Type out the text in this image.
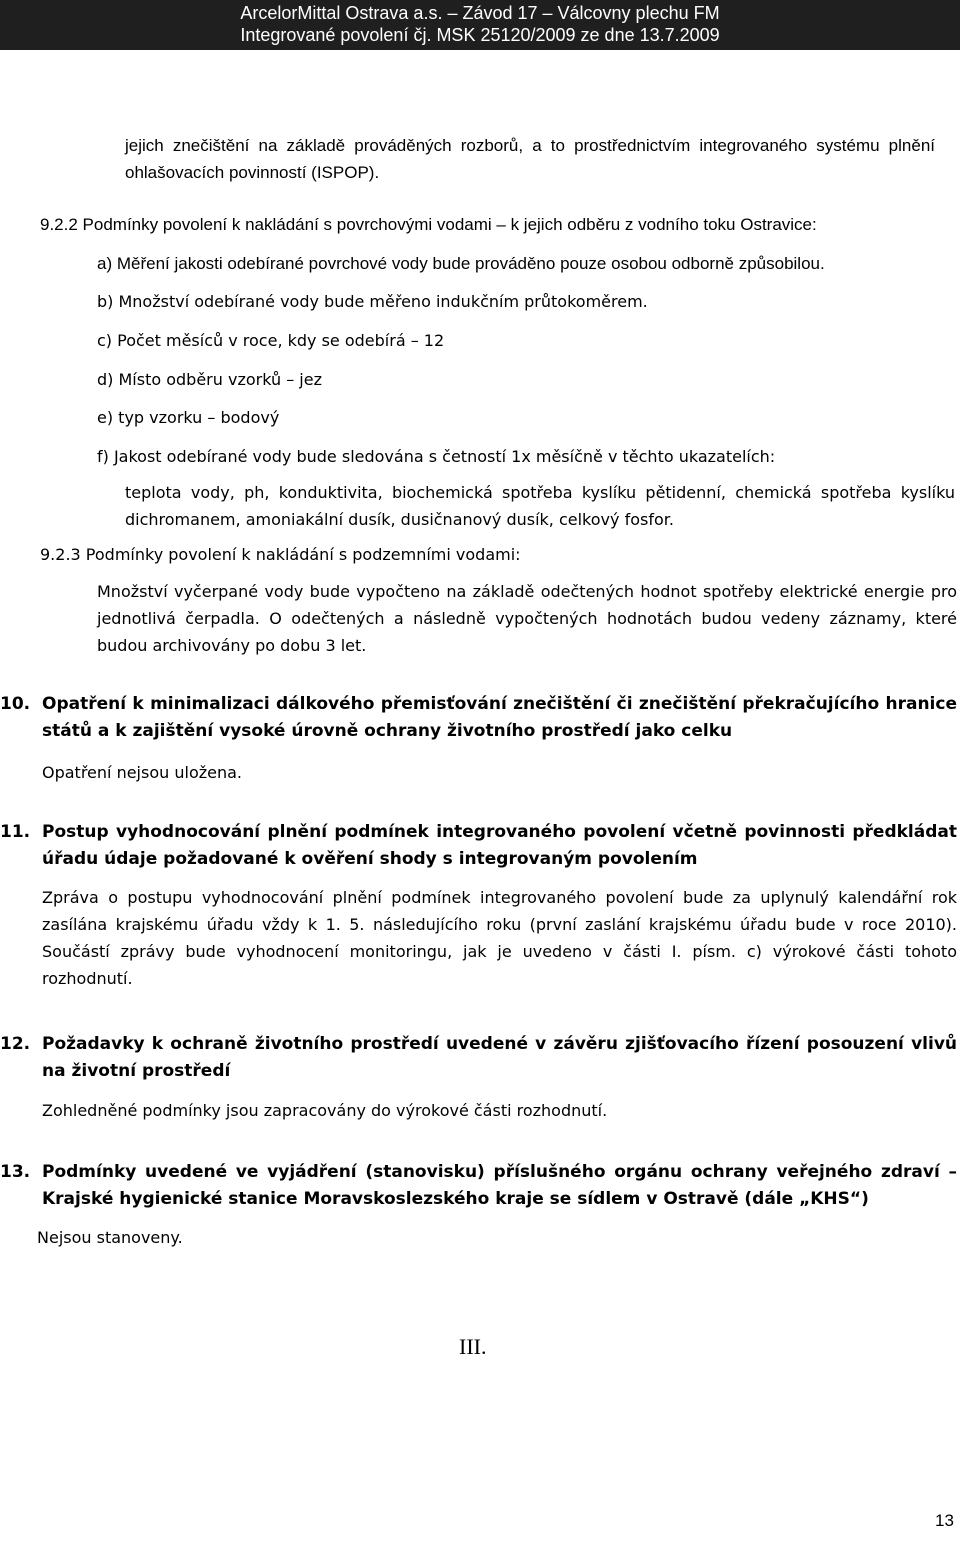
ArcelorMittal Ostrava a.s. – Závod 17 – Válcovny plechu FM
Integrované povolení čj. MSK 25120/2009 ze dne 13.7.2009
jejich znečištění na základě prováděných rozborů, a to prostřednictvím integrovaného systému plnění ohlašovacích povinností (ISPOP).
9.2.2 Podmínky povolení k nakládání s povrchovými vodami – k jejich odběru z vodního toku Ostravice:
a) Měření jakosti odebírané povrchové vody bude prováděno pouze osobou odborně způsobilou.
b) Množství odebírané vody bude měřeno indukčním průtokoměrem.
c) Počet měsíců v roce, kdy se odebírá – 12
d) Místo odběru vzorků – jez
e) typ vzorku – bodový
f) Jakost odebírané vody bude sledována s četností 1x měsíčně v těchto ukazatelích:
teplota vody, ph, konduktivita, biochemická spotřeba kyslíku pětidenní, chemická spotřeba kyslíku dichromanem, amoniakální dusík, dusičnanový dusík, celkový fosfor.
9.2.3 Podmínky povolení k nakládání s podzemními vodami:
Množství vyčerpané vody bude vypočteno na základě odečtených hodnot spotřeby elektrické energie pro jednotlivá čerpadla. O odečtených a následně vypočtených hodnotách budou vedeny záznamy, které budou archivovány po dobu 3 let.
10. Opatření k minimalizaci dálkového přemisťování znečištění či znečištění překračujícího hranice států a k zajištění vysoké úrovně ochrany životního prostředí jako celku
Opatření nejsou uložena.
11. Postup vyhodnocování plnění podmínek integrovaného povolení včetně povinnosti předkládat úřadu údaje požadované k ověření shody s integrovaným povolením
Zpráva o postupu vyhodnocování plnění podmínek integrovaného povolení bude za uplynulý kalendářní rok zasílána krajskému úřadu vždy k 1. 5. následujícího roku (první zaslání krajskému úřadu bude v roce 2010). Součástí zprávy bude vyhodnocení monitoringu, jak je uvedeno v části I. písm. c) výrokové části tohoto rozhodnutí.
12. Požadavky k ochraně životního prostředí uvedené v závěru zjišťovacího řízení posouzení vlivů na životní prostředí
Zohledněné podmínky jsou zapracovány do výrokové části rozhodnutí.
13. Podmínky uvedené ve vyjádření (stanovisku) příslušného orgánu ochrany veřejného zdraví – Krajské hygienické stanice Moravskoslezského kraje se sídlem v Ostravě (dále „KHS“)
Nejsou stanoveny.
III.
13
